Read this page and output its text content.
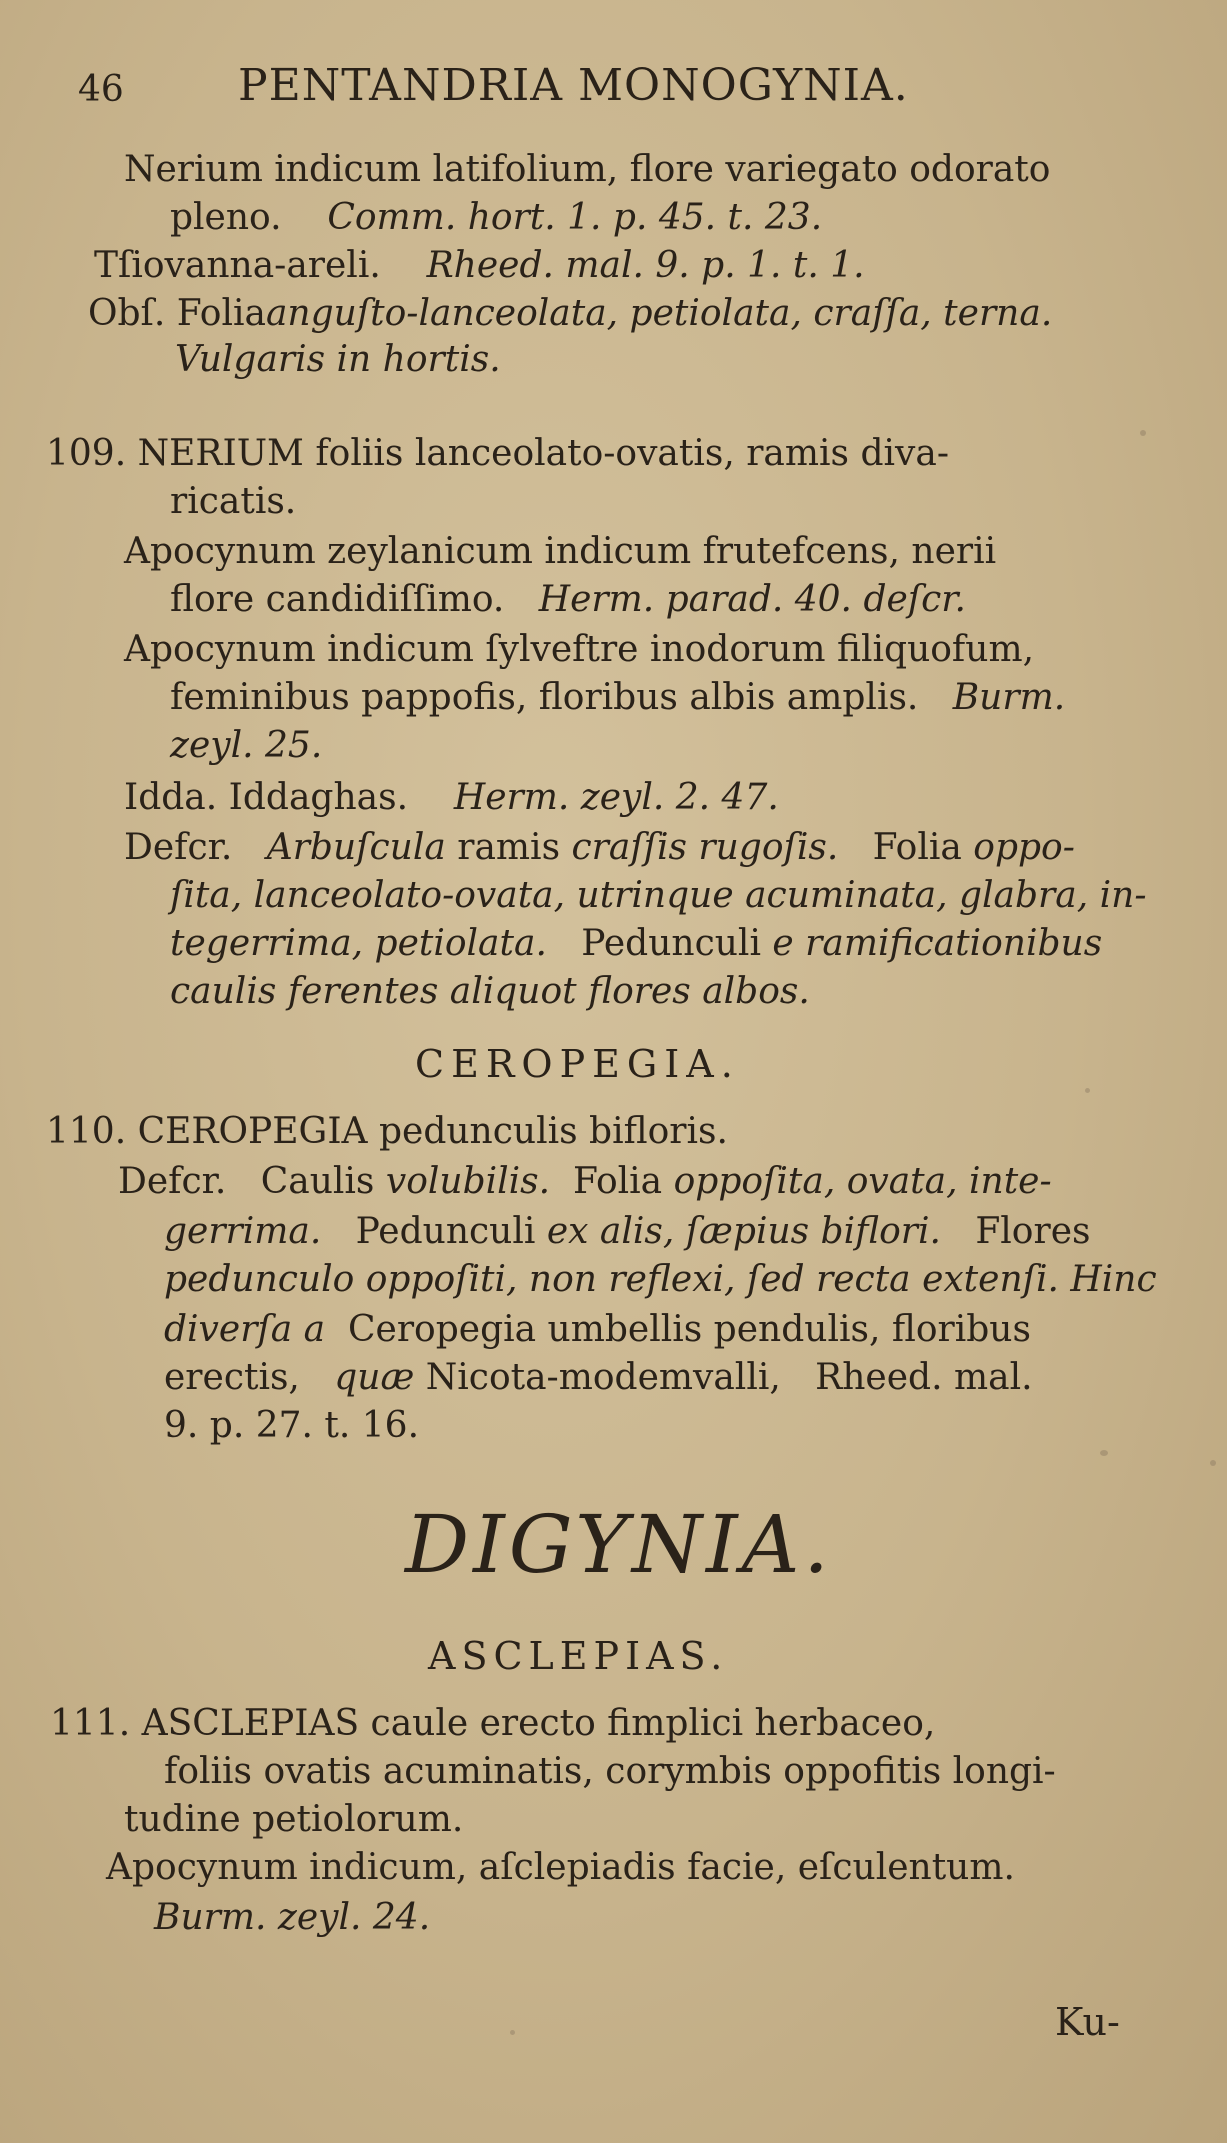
46	PENTANDRIA MONOGYNIA.
Nerium indicum latifolium, flore variegato odorato
pleno. Comm. hort. 1. p. 45. t. 23.
Tſiovanna-areli. Rheed. mal. 9. p. 1. t. 1.
Obſ. Foliaanguſto-lanceolata, petiolata, craſſa, terna.
Vulgaris in hortis.
109. NERIUM foliis lanceolato-ovatis, ramis diva-
ricatis.
Apocynum zeylanicum indicum frutefcens, nerii
flore candidiſſimo. Herm. parad. 40. deſcr.
Apocynum indicum ſylveftre inodorum filiquofum,
feminibus pappofis, floribus albis amplis. Burm.
zeyl. 25.
Idda. Iddaghas. Herm. zeyl. 2. 47.
Defcr. Arbuſcula ramis craſſis rugoſis. Folia oppo-
ſita, lanceolato-ovata, utrinque acuminata, glabra, in-
tegerrima, petiolata. Pedunculi e ramificationibus
caulis ferentes aliquot flores albos.
CEROPEGIA.
110. CEROPEGIA pedunculis bifloris.
Defcr. Caulis volubilis. Folia oppoſita, ovata, inte-
gerrima. Pedunculi ex alis, ſæpius biflori. Flores
pedunculo oppoſiti, non reflexi, ſed recta extenſi. Hinc
diverſa a Ceropegia umbellis pendulis, floribus
erectis, quæ Nicota-modemvalli, Rheed. mal.
9. p. 27. t. 16.
DIGYNIA.
ASCLEPIAS.
111. ASCLEPIAS caule erecto fimplici herbaceo,
foliis ovatis acuminatis, corymbis oppofitis longi-
tudine petiolorum.
Apocynum indicum, aſclepiadis facie, eſculentum.
Burm. zeyl. 24.
Ku-
